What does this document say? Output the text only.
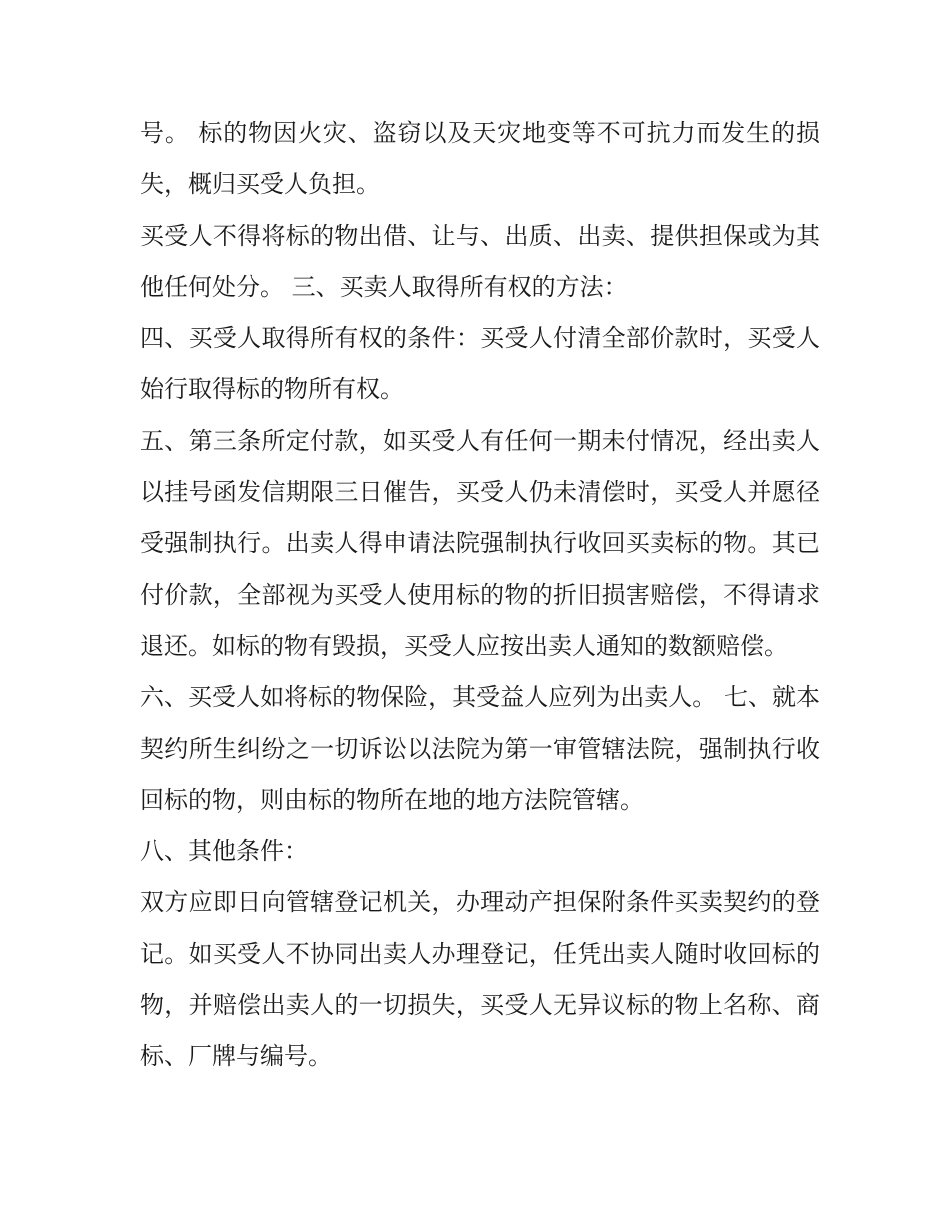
号。 标的物因火灾、盗窃以及天灾地变等不可抗力而发生的损失，概归买受人负担。

买受人不得将标的物出借、让与、出质、出卖、提供担保或为其他任何处分。 三、买卖人取得所有权的方法：

四、买受人取得所有权的条件：买受人付清全部价款时，买受人始行取得标的物所有权。

五、第三条所定付款，如买受人有任何一期未付情况，经出卖人以挂号函发信期限三日催告，买受人仍未清偿时，买受人并愿径受强制执行。出卖人得申请法院强制执行收回买卖标的物。其已付价款，全部视为买受人使用标的物的折旧损害赔偿，不得请求退还。如标的物有毁损，买受人应按出卖人通知的数额赔偿。

六、买受人如将标的物保险，其受益人应列为出卖人。 七、就本契约所生纠纷之一切诉讼以法院为第一审管辖法院，强制执行收回标的物，则由标的物所在地的地方法院管辖。

八、其他条件：

双方应即日向管辖登记机关，办理动产担保附条件买卖契约的登记。如买受人不协同出卖人办理登记，任凭出卖人随时收回标的物，并赔偿出卖人的一切损失，买受人无异议标的物上名称、商标、厂牌与编号。
